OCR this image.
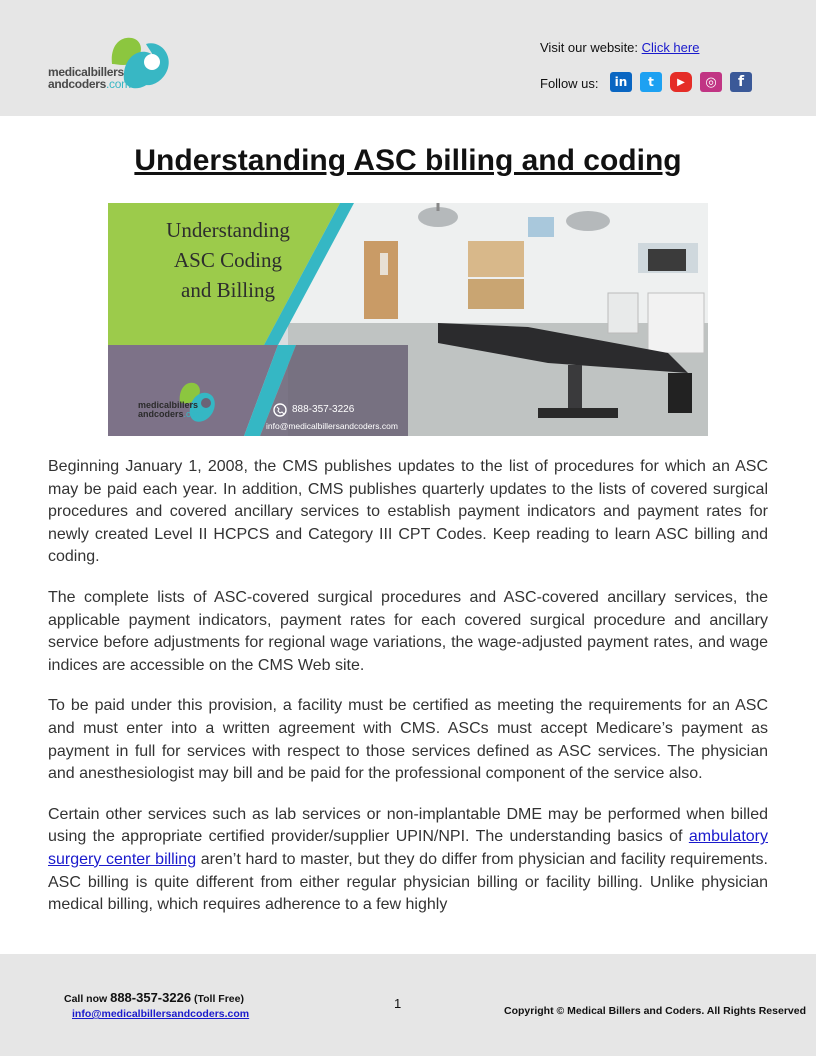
medicalbillers
andcoders.com
Visit our website: Click here
Follow us:	in	t	▶	◎	f
Understanding ASC billing and coding
Understanding
ASC Coding
and Billing
medicalbillers
andcoders.com	888-357-3226
info@medicalbillersandcoders.com

Beginning January 1, 2008, the CMS publishes updates to the list of procedures for which an ASC may be paid each year. In addition, CMS publishes quarterly updates to the lists of covered surgical procedures and covered ancillary services to establish payment indicators and payment rates for newly created Level II HCPCS and Category III CPT Codes. Keep reading to learn ASC billing and coding.

The complete lists of ASC-covered surgical procedures and ASC-covered ancillary services, the applicable payment indicators, payment rates for each covered surgical procedure and ancillary service before adjustments for regional wage variations, the wage-adjusted payment rates, and wage indices are accessible on the CMS Web site.

To be paid under this provision, a facility must be certified as meeting the requirements for an ASC and must enter into a written agreement with CMS. ASCs must accept Medicare’s payment as payment in full for services with respect to those services defined as ASC services. The physician and anesthesiologist may bill and be paid for the professional component of the service also.

Certain other services such as lab services or non-implantable DME may be performed when billed using the appropriate certified provider/supplier UPIN/NPI. The understanding basics of ambulatory surgery center billing aren’t hard to master, but they do differ from physician and facility requirements. ASC billing is quite different from either regular physician billing or facility billing. Unlike physician medical billing, which requires adherence to a few highly

Call now 888-357-3226 (Toll Free)
info@medicalbillersandcoders.com
1	Copyright © Medical Billers and Coders. All Rights Reserved
